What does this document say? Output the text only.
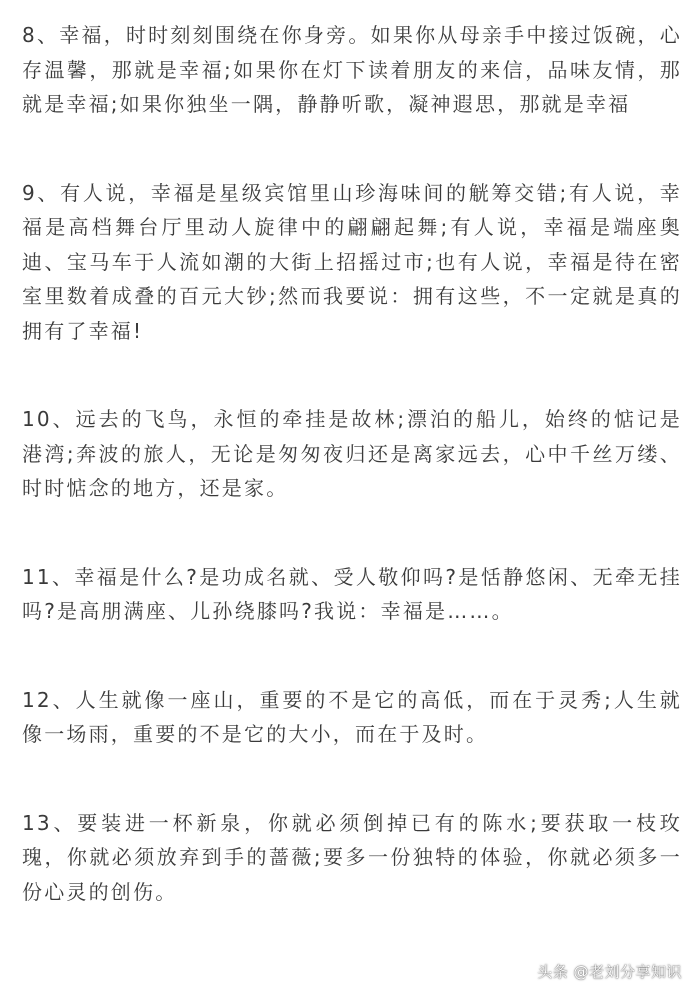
8、幸福，时时刻刻围绕在你身旁。如果你从母亲手中接过饭碗，心存温馨，那就是幸福;如果你在灯下读着朋友的来信，品味友情，那就是幸福;如果你独坐一隅，静静听歌，凝神遐思，那就是幸福

9、有人说，幸福是星级宾馆里山珍海味间的觥筹交错;有人说，幸福是高档舞台厅里动人旋律中的翩翩起舞;有人说，幸福是端座奥迪、宝马车于人流如潮的大街上招摇过市;也有人说，幸福是待在密室里数着成叠的百元大钞;然而我要说：拥有这些，不一定就是真的拥有了幸福!

10、远去的飞鸟，永恒的牵挂是故林;漂泊的船儿，始终的惦记是港湾;奔波的旅人，无论是匆匆夜归还是离家远去，心中千丝万缕、时时惦念的地方，还是家。

11、幸福是什么?是功成名就、受人敬仰吗?是恬静悠闲、无牵无挂吗?是高朋满座、儿孙绕膝吗?我说：幸福是……。

12、人生就像一座山，重要的不是它的高低，而在于灵秀;人生就像一场雨，重要的不是它的大小，而在于及时。

13、要装进一杯新泉，你就必须倒掉已有的陈水;要获取一枝玫瑰，你就必须放弃到手的蔷薇;要多一份独特的体验，你就必须多一份心灵的创伤。

头条 @老刘分享知识
